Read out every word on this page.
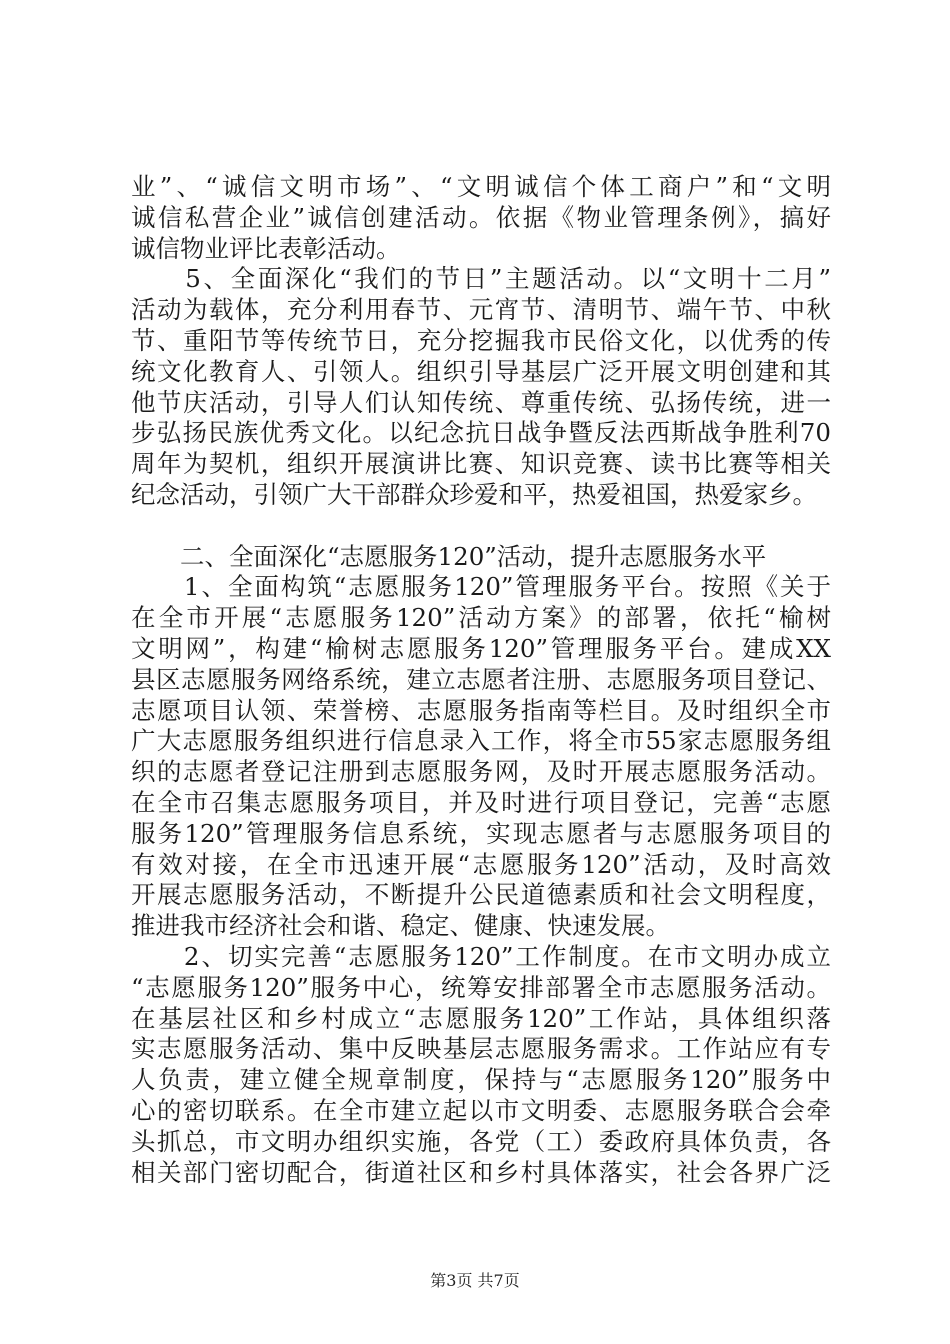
业”、“诚信文明市场”、“文明诚信个体工商户”和“文明
诚信私营企业”诚信创建活动。依据《物业管理条例》，搞好
诚信物业评比表彰活动。
　　5、全面深化“我们的节日”主题活动。以“文明十二月”
活动为载体，充分利用春节、元宵节、清明节、端午节、中秋
节、重阳节等传统节日，充分挖掘我市民俗文化，以优秀的传
统文化教育人、引领人。组织引导基层广泛开展文明创建和其
他节庆活动，引导人们认知传统、尊重传统、弘扬传统，进一
步弘扬民族优秀文化。以纪念抗日战争暨反法西斯战争胜利70
周年为契机，组织开展演讲比赛、知识竞赛、读书比赛等相关
纪念活动，引领广大干部群众珍爱和平，热爱祖国，热爱家乡。
　　二、全面深化“志愿服务120”活动，提升志愿服务水平
　　1、全面构筑“志愿服务120”管理服务平台。按照《关于
在全市开展“志愿服务120”活动方案》的部署，依托“榆树
文明网”，构建“榆树志愿服务120”管理服务平台。建成XX
县区志愿服务网络系统，建立志愿者注册、志愿服务项目登记、
志愿项目认领、荣誉榜、志愿服务指南等栏目。及时组织全市
广大志愿服务组织进行信息录入工作，将全市55家志愿服务组
织的志愿者登记注册到志愿服务网，及时开展志愿服务活动。
在全市召集志愿服务项目，并及时进行项目登记，完善“志愿
服务120”管理服务信息系统，实现志愿者与志愿服务项目的
有效对接，在全市迅速开展“志愿服务120”活动，及时高效
开展志愿服务活动，不断提升公民道德素质和社会文明程度，
推进我市经济社会和谐、稳定、健康、快速发展。
　　2、切实完善“志愿服务120”工作制度。在市文明办成立
“志愿服务120”服务中心，统筹安排部署全市志愿服务活动。
在基层社区和乡村成立“志愿服务120”工作站，具体组织落
实志愿服务活动、集中反映基层志愿服务需求。工作站应有专
人负责，建立健全规章制度，保持与“志愿服务120”服务中
心的密切联系。在全市建立起以市文明委、志愿服务联合会牵
头抓总，市文明办组织实施，各党（工）委政府具体负责，各
相关部门密切配合，街道社区和乡村具体落实，社会各界广泛
第3页 共7页
